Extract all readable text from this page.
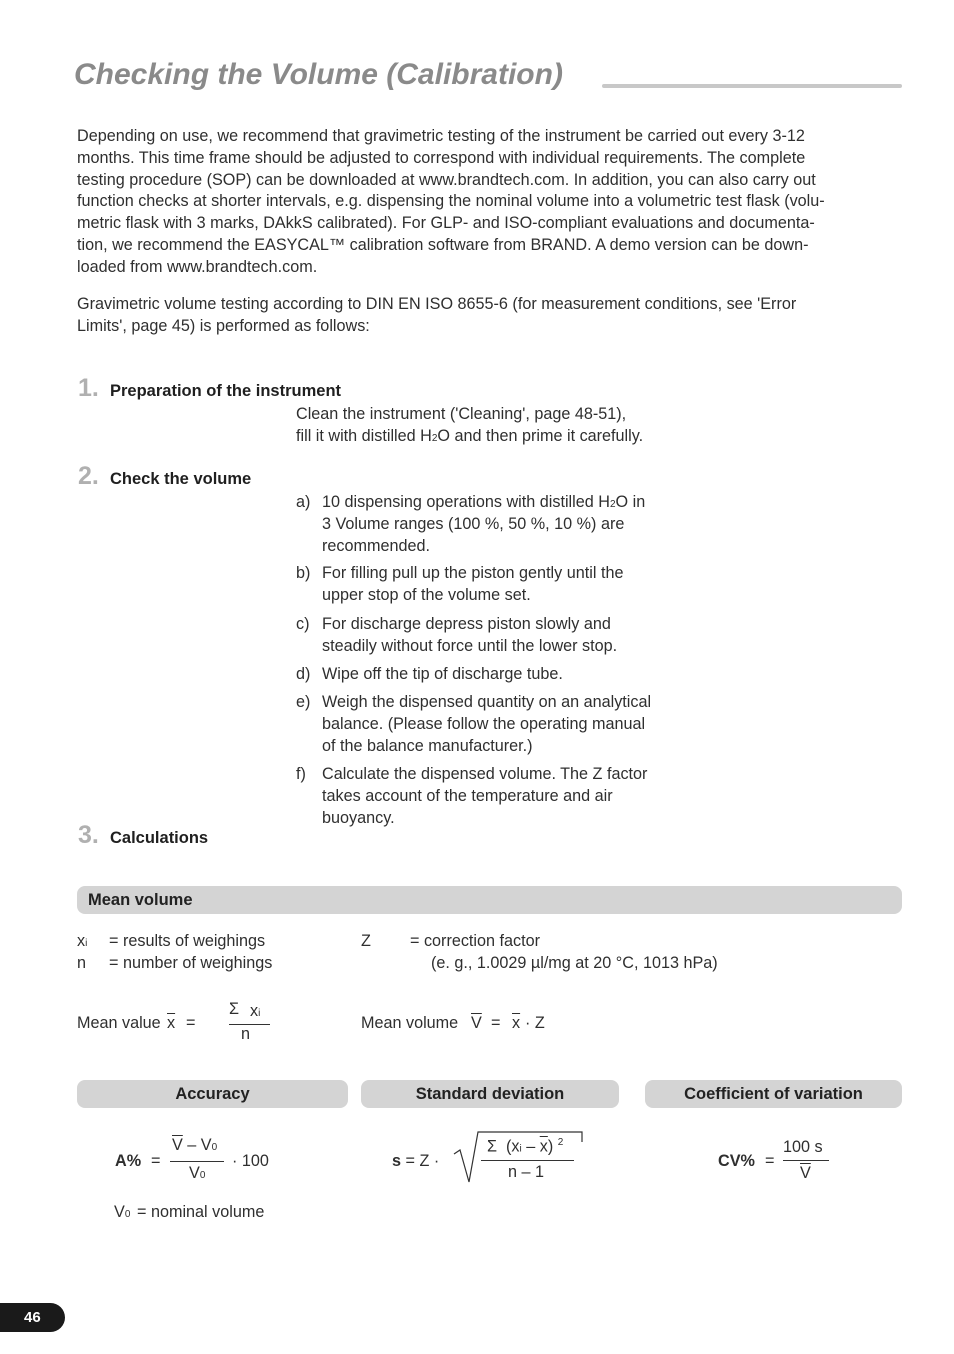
Checking the Volume (Calibration)

Depending on use, we recommend that gravimetric testing of the instrument be carried out every 3-12

months. This time frame should be adjusted to correspond with individual requirements. The complete

testing procedure (SOP) can be downloaded at www.brandtech.com. In addition, you can also carry out

function checks at shorter intervals, e.g. dispensing the nominal volume into a volumetric test flask (volu-

metric flask with 3 marks, DAkkS calibrated). For GLP- and ISO-compliant evaluations and documenta-

tion, we recommend the EASYCAL™ calibration software from BRAND. A demo version can be down-

loaded from www.brandtech.com.

Gravimetric volume testing according to DIN EN ISO 8655-6 (for measurement conditions, see 'Error

Limits', page 45) is performed as follows:

1. Preparation of the instrument
Clean the instrument ('Cleaning', page 48-51),
fill it with distilled H2O and then prime it carefully.
2. Check the volume
a) 10 dispensing operations with distilled H2O in
3 Volume ranges (100 %, 50 %, 10 %) are
recommended.
b) For filling pull up the piston gently until the
upper stop of the volume set.
c) For discharge depress piston slowly and
steadily without force until the lower stop.
d) Wipe off the tip of discharge tube.
e) Weigh the dispensed quantity on an analytical
balance. (Please follow the operating manual
of the balance manufacturer.)
f) Calculate the dispensed volume. The Z factor
takes account of the temperature and air
buoyancy.
3. Calculations
Mean volume
xi = results of weighings
n = number of weighings
Z = correction factor
(e. g., 1.0029 µl/mg at 20 °C, 1013 hPa)
Mean value $\overline{x}$ =
Σ xi
n
Mean volume $\overline{V} = \overline{x} \cdot Z$
Accuracy	Standard deviation	Coefficient of variation
A% =
$\overline{V} - V0$
V0
· 100
V0 = nominal volume
s = Z ·
Σ $(xi - \overline{x})$ $^2$
n – 1
CV% =
100 s
$\overline{V}$
46
